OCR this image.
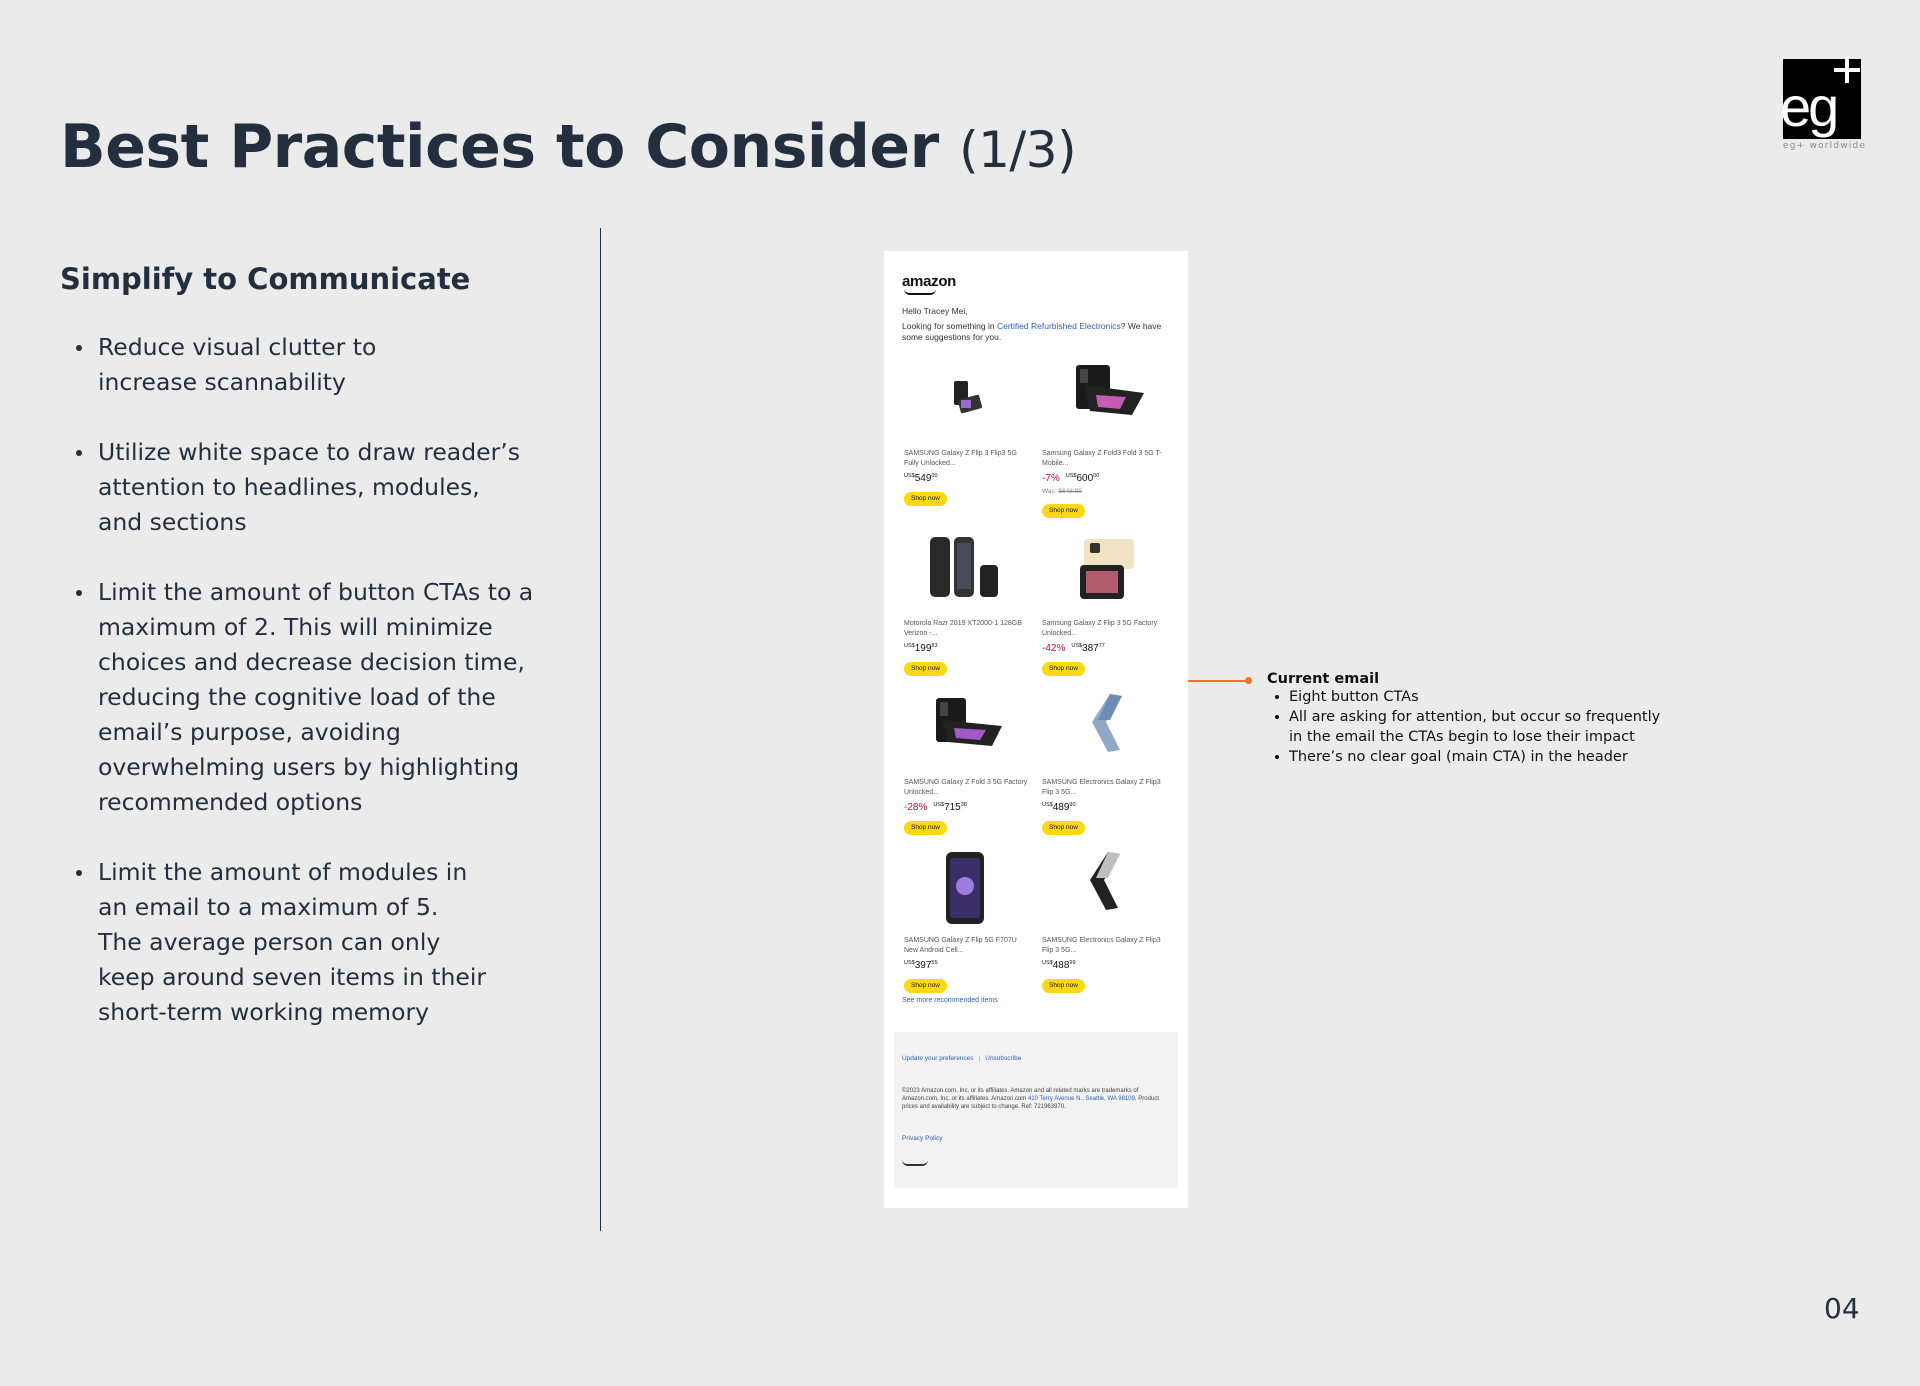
Best Practices to Consider (1/3)
eg
eg+ worldwide
Simplify to Communicate
Reduce visual clutter to
increase scannability
Utilize white space to draw reader’s
attention to headlines, modules,
and sections
Limit the amount of button CTAs to a
maximum of 2. This will minimize
choices and decrease decision time,
reducing the cognitive load of the
email’s purpose, avoiding
overwhelming users by highlighting
recommended options
Limit the amount of modules in
an email to a maximum of 5.
The average person can only
keep around seven items in their
short-term working memory
amazon
Hello Tracey Mei,
Looking for something in Certified Refurbished Electronics? We have some suggestions for you.
SAMSUNG Galaxy Z Flip 3 Flip3 5G Fully Unlocked...
$^{US\$}549^{00}$
Shop now
Samsung Galaxy Z Fold3 Fold 3 5G T-Mobile...
-7% $^{US\$}600^{00}$
Was: $648.99
Shop now
Motorola Razr 2019 XT2000-1 128GB Verizon -...
$^{US\$}199^{83}$
Shop now
Samsung Galaxy Z Flip 3 5G Factory Unlocked...
-42% $^{US\$}387^{77}$
Shop now
SAMSUNG Galaxy Z Fold 3 5G Factory Unlocked...
-28% $^{US\$}715^{38}$
Shop now
SAMSUNG Electronics Galaxy Z Flip3 Flip 3 5G...
$^{US\$}489^{90}$
Shop now
SAMSUNG Galaxy Z Flip 5G F707U New Android Cell...
$^{US\$}397^{55}$
Shop now
SAMSUNG Electronics Galaxy Z Flip3 Flip 3 5G...
$^{US\$}488^{99}$
Shop now
See more recommended items
Update your preferences | Unsubscribe
©2023 Amazon.com, Inc. or its affiliates. Amazon and all related marks are trademarks of Amazon.com, Inc. or its affiliates. Amazon.com 410 Terry Avenue N., Seattle, WA 98109. Product prices and availability are subject to change. Ref: 721963970.
Privacy Policy
Current email
Eight button CTAs
All are asking for attention, but occur so frequently
in the email the CTAs begin to lose their impact
There’s no clear goal (main CTA) in the header
04
